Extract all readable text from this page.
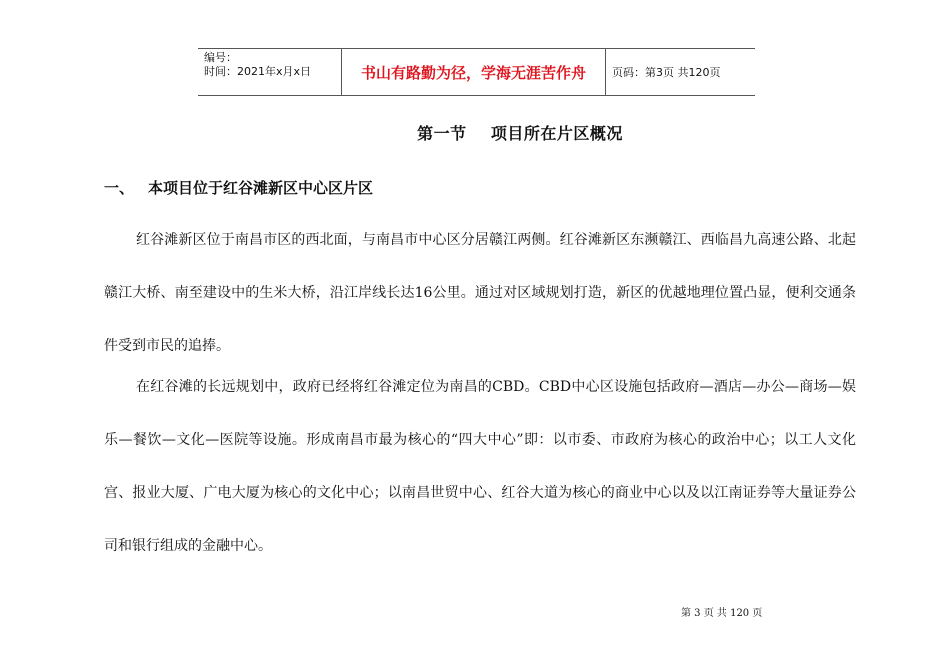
编号：
时间：2021年x月x日	书山有路勤为径，学海无涯苦作舟	页码：第3页 共120页
第一节    项目所在片区概况
一、 本项目位于红谷滩新区中心区片区

红谷滩新区位于南昌市区的西北面，与南昌市中心区分居赣江两侧。红谷滩新区东濒赣江、西临昌九高速公路、北起赣江大桥、南至建设中的生米大桥，沿江岸线长达16公里。通过对区域规划打造，新区的优越地理位置凸显，便利交通条件受到市民的追捧。

在红谷滩的长远规划中，政府已经将红谷滩定位为南昌的CBD。CBD中心区设施包括政府—酒店—办公—商场—娱乐—餐饮—文化—医院等设施。形成南昌市最为核心的“四大中心”即：以市委、市政府为核心的政治中心；以工人文化宫、报业大厦、广电大厦为核心的文化中心；以南昌世贸中心、红谷大道为核心的商业中心以及以江南证券等大量证券公司和银行组成的金融中心。

第 3 页 共 120 页
